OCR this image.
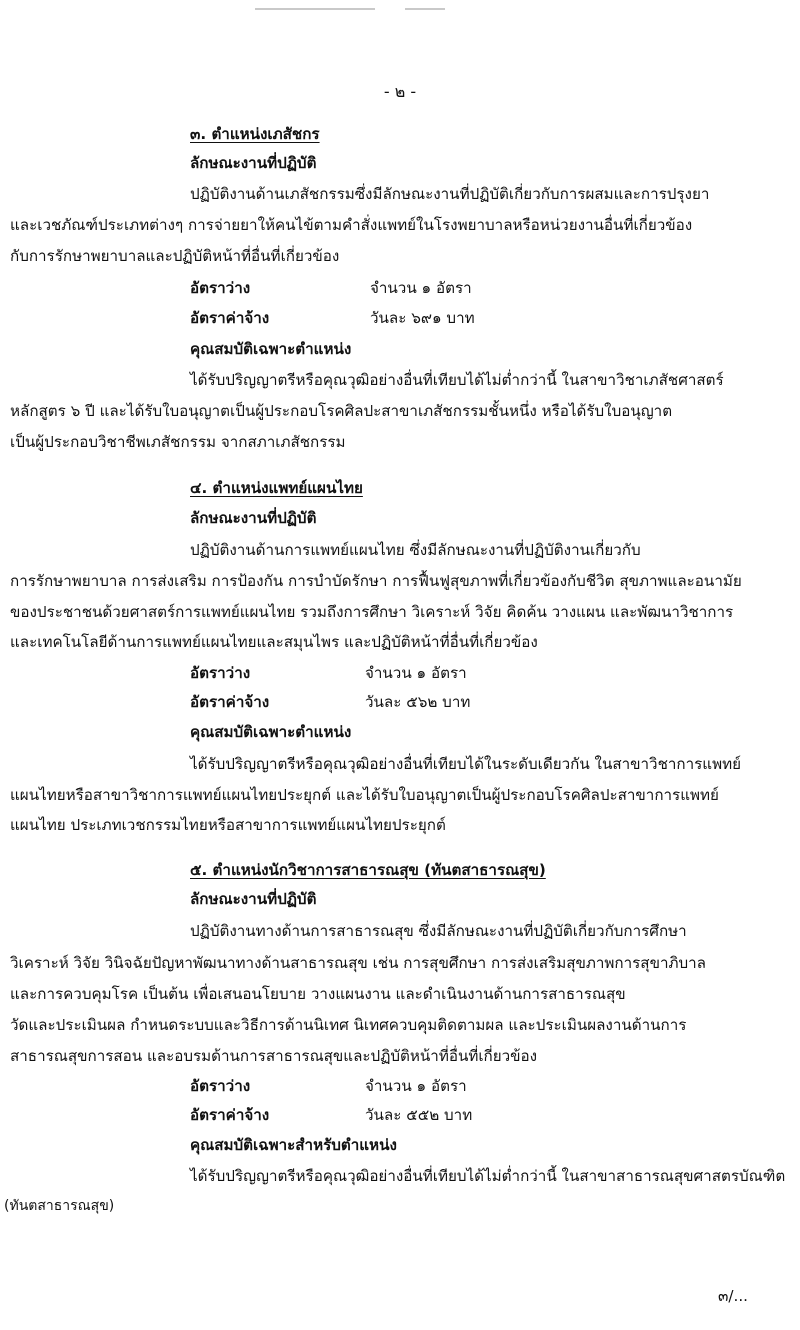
- ๒ -
๓. ตำแหน่งเภสัชกร
ลักษณะงานที่ปฏิบัติ
ปฏิบัติงานด้านเภสัชกรรมซึ่งมีลักษณะงานที่ปฏิบัติเกี่ยวกับการผสมและการปรุงยา
และเวชภัณฑ์ประเภทต่างๆ การจ่ายยาให้คนไข้ตามคำสั่งแพทย์ในโรงพยาบาลหรือหน่วยงานอื่นที่เกี่ยวข้อง
กับการรักษาพยาบาลและปฏิบัติหน้าที่อื่นที่เกี่ยวข้อง
อัตราว่าง	จำนวน ๑ อัตรา
อัตราค่าจ้าง	วันละ ๖๙๑ บาท
คุณสมบัติเฉพาะตำแหน่ง
ได้รับปริญญาตรีหรือคุณวุฒิอย่างอื่นที่เทียบได้ไม่ต่ำกว่านี้ ในสาขาวิชาเภสัชศาสตร์
หลักสูตร ๖ ปี และได้รับใบอนุญาตเป็นผู้ประกอบโรคศิลปะสาขาเภสัชกรรมชั้นหนึ่ง หรือได้รับใบอนุญาต
เป็นผู้ประกอบวิชาชีพเภสัชกรรม จากสภาเภสัชกรรม
๔. ตำแหน่งแพทย์แผนไทย
ลักษณะงานที่ปฏิบัติ
ปฏิบัติงานด้านการแพทย์แผนไทย ซึ่งมีลักษณะงานที่ปฏิบัติงานเกี่ยวกับ
การรักษาพยาบาล การส่งเสริม การป้องกัน การบำบัดรักษา การฟื้นฟูสุขภาพที่เกี่ยวข้องกับชีวิต สุขภาพและอนามัย
ของประชาชนด้วยศาสตร์การแพทย์แผนไทย รวมถึงการศึกษา วิเคราะห์ วิจัย คิดค้น วางแผน และพัฒนาวิชาการ
และเทคโนโลยีด้านการแพทย์แผนไทยและสมุนไพร และปฏิบัติหน้าที่อื่นที่เกี่ยวข้อง
อัตราว่าง	จำนวน ๑ อัตรา
อัตราค่าจ้าง	วันละ ๕๖๒ บาท
คุณสมบัติเฉพาะตำแหน่ง
ได้รับปริญญาตรีหรือคุณวุฒิอย่างอื่นที่เทียบได้ในระดับเดียวกัน ในสาขาวิชาการแพทย์
แผนไทยหรือสาขาวิชาการแพทย์แผนไทยประยุกต์ และได้รับใบอนุญาตเป็นผู้ประกอบโรคศิลปะสาขาการแพทย์
แผนไทย ประเภทเวชกรรมไทยหรือสาขาการแพทย์แผนไทยประยุกต์
๕. ตำแหน่งนักวิชาการสาธารณสุข (ทันตสาธารณสุข)
ลักษณะงานที่ปฏิบัติ
ปฏิบัติงานทางด้านการสาธารณสุข ซึ่งมีลักษณะงานที่ปฏิบัติเกี่ยวกับการศึกษา
วิเคราะห์ วิจัย วินิจฉัยปัญหาพัฒนาทางด้านสาธารณสุข เช่น การสุขศึกษา การส่งเสริมสุขภาพการสุขาภิบาล
และการควบคุมโรค เป็นต้น เพื่อเสนอนโยบาย วางแผนงาน และดำเนินงานด้านการสาธารณสุข
วัดและประเมินผล กำหนดระบบและวิธีการด้านนิเทศ นิเทศควบคุมติดตามผล และประเมินผลงานด้านการ
สาธารณสุขการสอน และอบรมด้านการสาธารณสุขและปฏิบัติหน้าที่อื่นที่เกี่ยวข้อง
อัตราว่าง	จำนวน ๑ อัตรา
อัตราค่าจ้าง	วันละ ๕๕๒ บาท
คุณสมบัติเฉพาะสำหรับตำแหน่ง
ได้รับปริญญาตรีหรือคุณวุฒิอย่างอื่นที่เทียบได้ไม่ต่ำกว่านี้ ในสาขาสาธารณสุขศาสตรบัณฑิต
(ทันตสาธารณสุข)
๓/...
